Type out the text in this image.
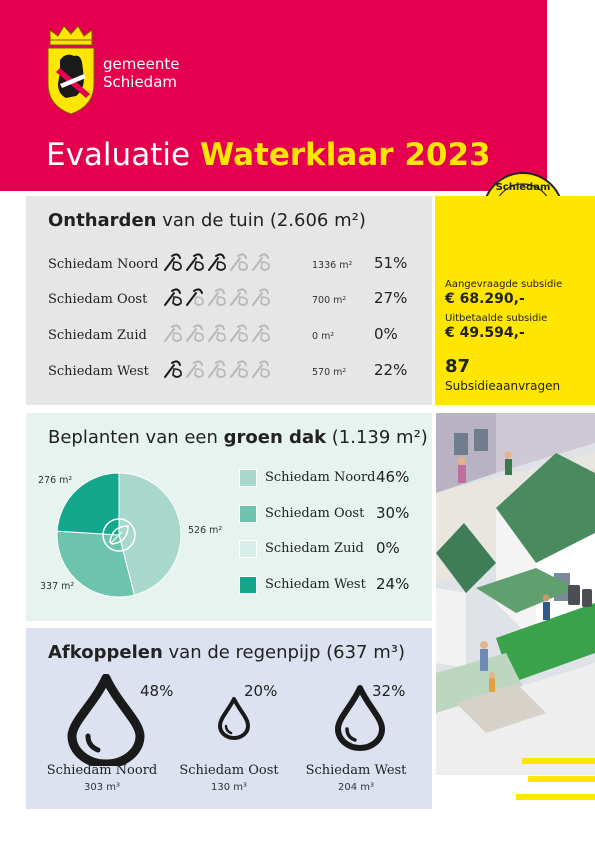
gemeente
Schiedam
Evaluatie Waterklaar 2023
Schiedam
Ontharden van de tuin (2.606 m²)
Schiedam Noord	1336 m² 51%
Schiedam Oost	700 m² 27%
Schiedam Zuid	0 m²	0%
Schiedam West	570 m² 22%
Aangevraagde subsidie
€ 68.290,-
Uitbetaalde subsidie
€ 49.594,-
87
Subsidieaanvragen
Beplanten van een groen dak (1.139 m²)
526 m²
337 m²
276 m²	Schiedam Noord 46%
Schiedam Oost 30%
Schiedam Zuid 0%
Schiedam West 24%
Afkoppelen van de regenpijp (637 m³)
48%
Schiedam Noord
303 m³
20%
Schiedam Oost
130 m³
32%
Schiedam West
204 m³
